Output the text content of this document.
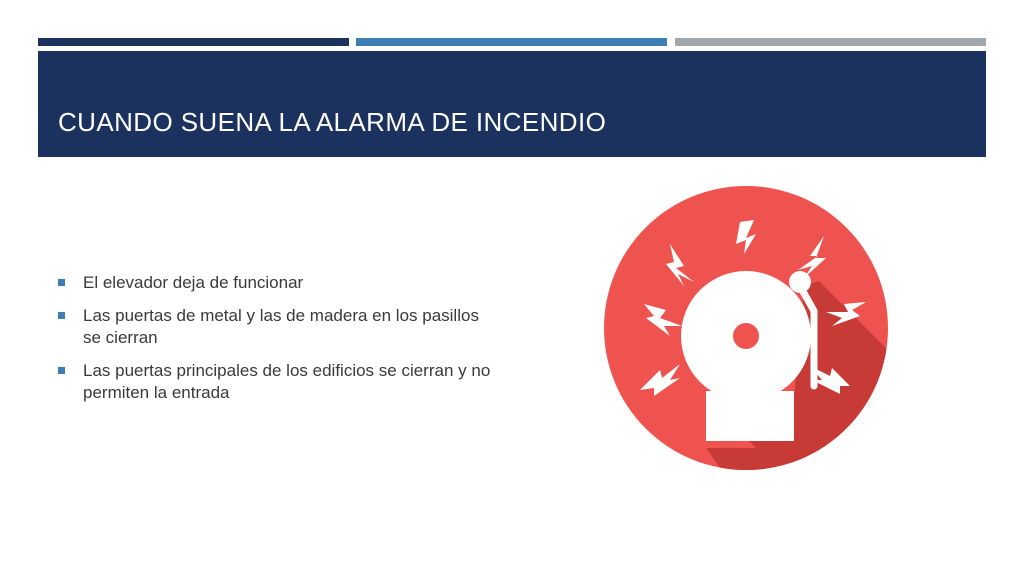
CUANDO SUENA LA ALARMA DE INCENDIO
El elevador deja de funcionar
Las puertas de metal y las de madera en los pasillos se cierran
Las puertas principales de los edificios se cierran y no permiten la entrada
